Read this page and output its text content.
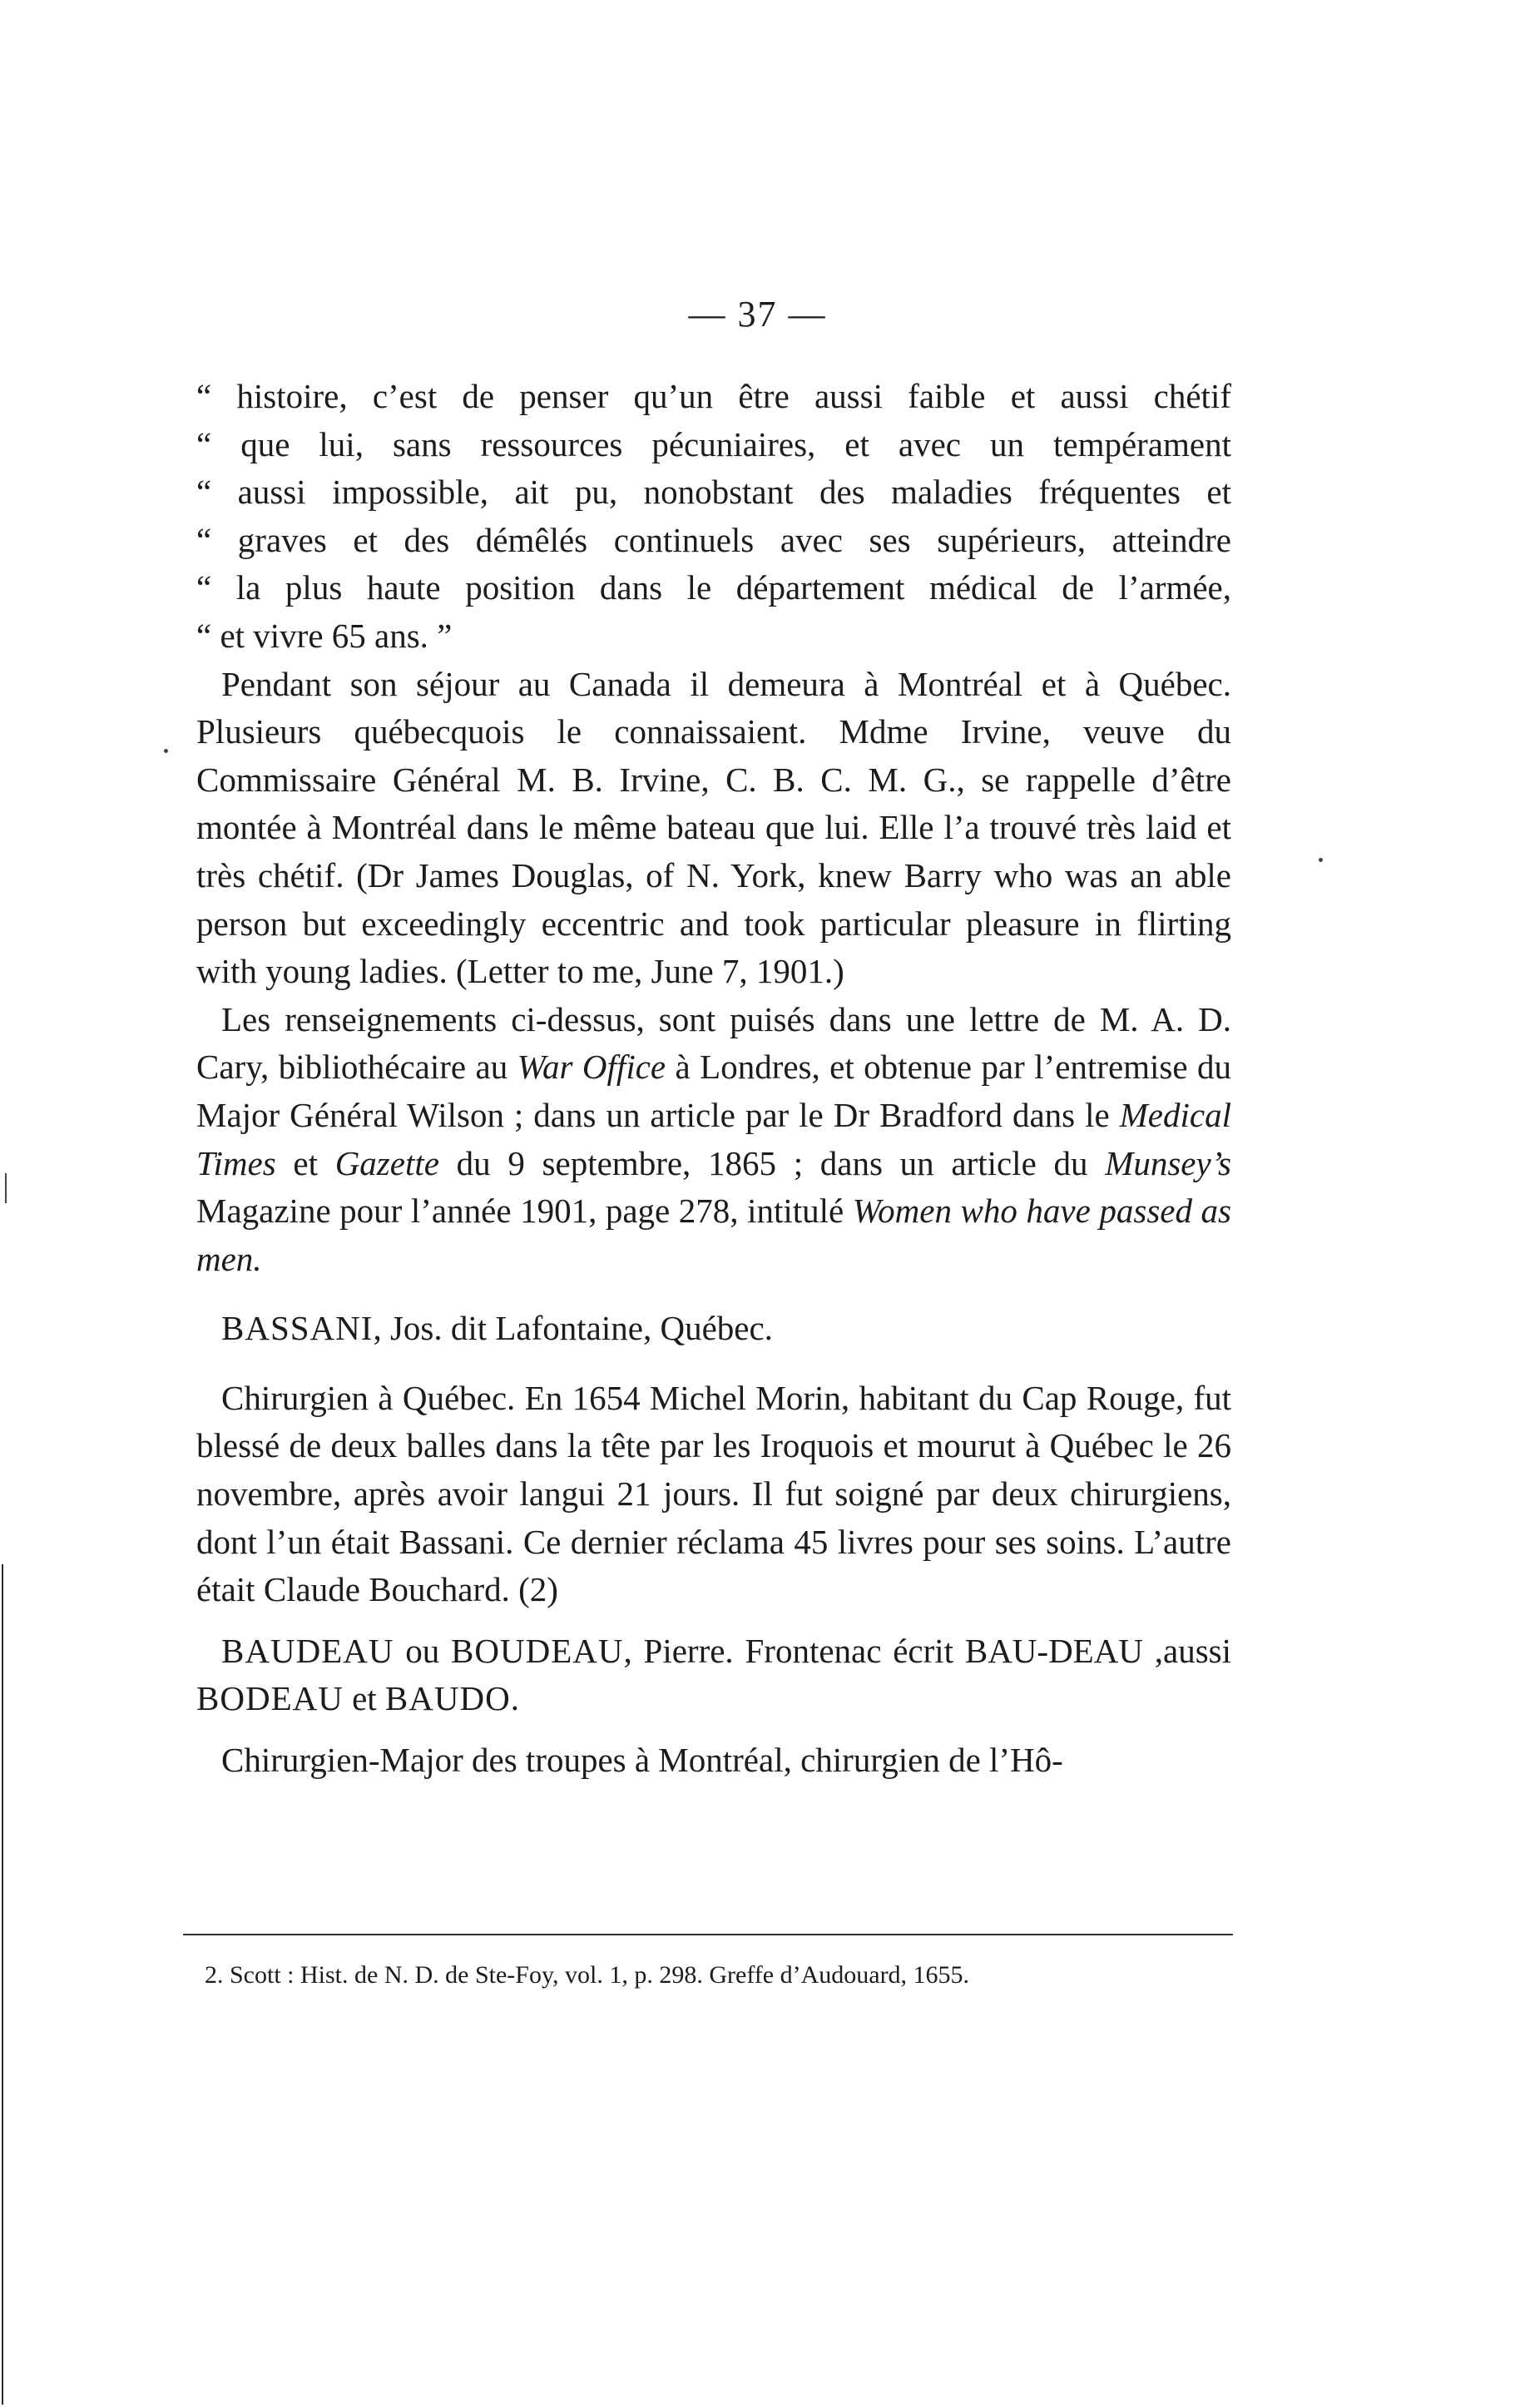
— 37 —
“ histoire, c’est de penser qu’un être aussi faible et aussi chétif
“ que lui, sans ressources pécuniaires, et avec un tempérament
“ aussi impossible, ait pu, nonobstant des maladies fréquentes et
“ graves et des démêlés continuels avec ses supérieurs, atteindre
“ la plus haute position dans le département médical de l’armée,
“ et vivre 65 ans. ”

Pendant son séjour au Canada il demeura à Montréal et à Québec. Plusieurs québecquois le connaissaient. Mdme Irvine, veuve du Commissaire Général M. B. Irvine, C. B. C. M. G., se rappelle d’être montée à Montréal dans le même bateau que lui. Elle l’a trouvé très laid et très chétif. (Dr James Douglas, of N. York, knew Barry who was an able person but exceedingly eccentric and took particular pleasure in flirting with young ladies. (Letter to me, June 7, 1901.)

Les renseignements ci-dessus, sont puisés dans une lettre de M. A. D. Cary, bibliothécaire au War Office à Londres, et obtenue par l’entremise du Major Général Wilson ; dans un article par le Dr Bradford dans le Medical Times et Gazette du 9 septembre, 1865 ; dans un article du Munsey’s Magazine pour l’année 1901, page 278, intitulé Women who have passed as men.

BASSANI, Jos. dit Lafontaine, Québec.

Chirurgien à Québec. En 1654 Michel Morin, habitant du Cap Rouge, fut blessé de deux balles dans la tête par les Iroquois et mourut à Québec le 26 novembre, après avoir langui 21 jours. Il fut soigné par deux chirurgiens, dont l’un était Bassani. Ce dernier réclama 45 livres pour ses soins. L’autre était Claude Bouchard. (2)

BAUDEAU ou BOUDEAU, Pierre. Frontenac écrit BAU-DEAU ,aussi BODEAU et BAUDO.

Chirurgien-Major des troupes à Montréal, chirurgien de l’Hô-

2. Scott : Hist. de N. D. de Ste-Foy, vol. 1, p. 298. Greffe d’Audouard, 1655.
